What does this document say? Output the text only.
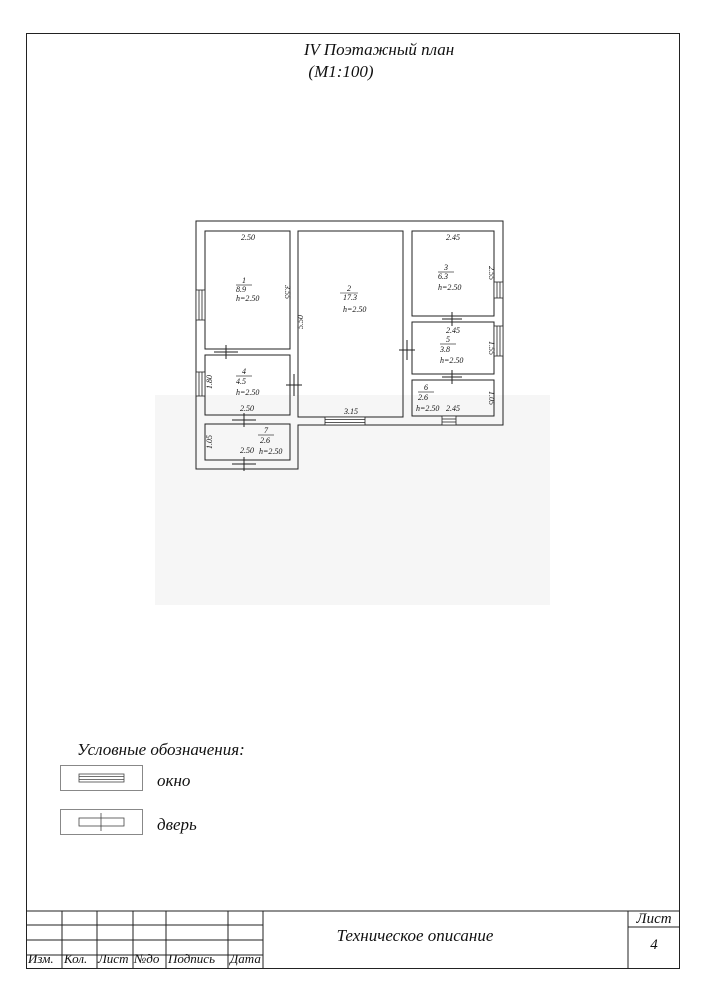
IV Поэтажный план
(М1:100)
2.50
1
8.9
h=2.50	3.55	2
17.3
h=2.50
5.50
3.15
2.45
3
6.3
h=2.50
2.55
4
4.5
h=2.50
1.80
2.50
2.45
5
3.8
h=2.50
1.55
6
2.6
h=2.50 2.45
1.05
7
2.6
2.50 h=2.50
1.05
Условные обозначения:
окно
дверь
Изм. Кол. Лист №до Подпись Дата
Техническое описание
Лист
4
